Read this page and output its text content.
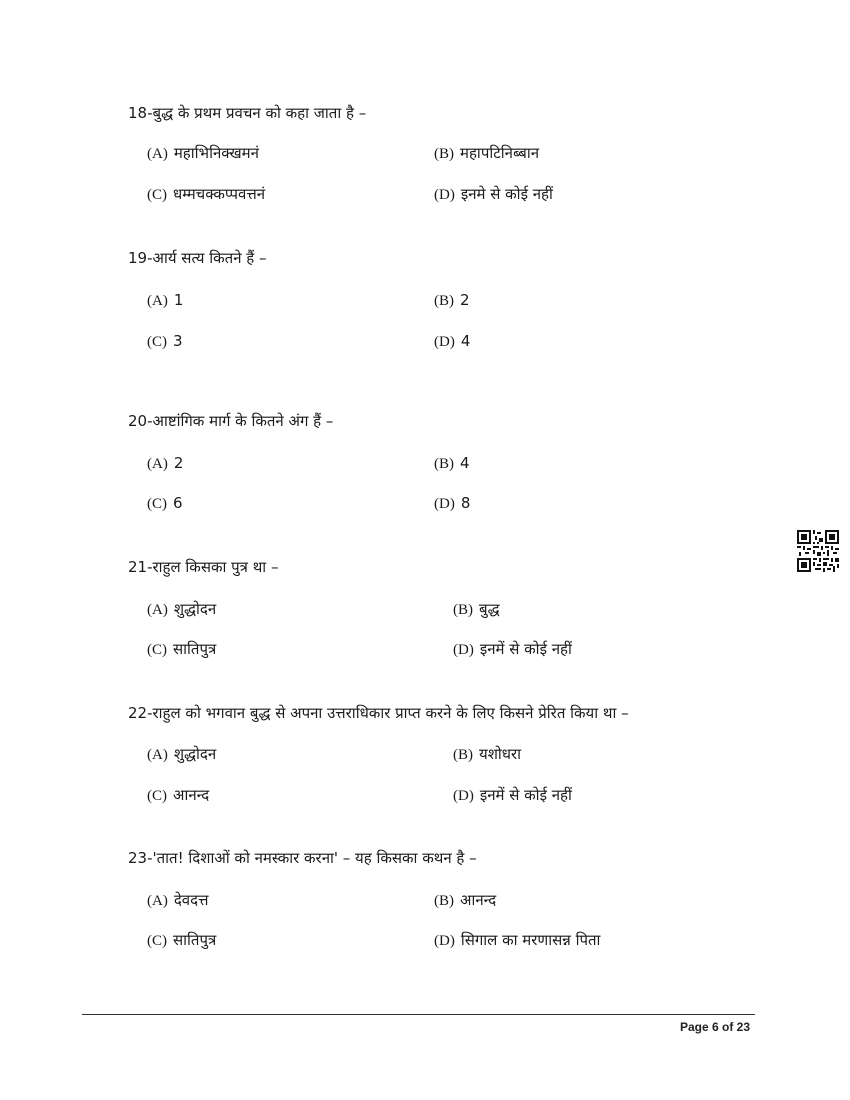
18-बुद्ध के प्रथम प्रवचन को कहा जाता है –
(A) महाभिनिक्खमनं	(B) महापटिनिब्बान
(C) धम्मचक्कप्पवत्तनं	(D) इनमे से कोई नहीं
19-आर्य सत्य कितने हैं –
(A) 1	(B) 2
(C) 3	(D) 4
20-आष्टांगिक मार्ग के कितने अंग हैं –
(A) 2	(B) 4
(C) 6	(D) 8
21-राहुल किसका पुत्र था –
(A) शुद्धोदन	(B) बुद्ध
(C) सातिपुत्र	(D) इनमें से कोई नहीं
22-राहुल को भगवान बुद्ध से अपना उत्तराधिकार प्राप्त करने के लिए किसने प्रेरित किया था –
(A) शुद्धोदन	(B) यशोधरा
(C) आनन्द	(D) इनमें से कोई नहीं
23-'तात! दिशाओं को नमस्कार करना' – यह किसका कथन है –
(A) देवदत्त	(B) आनन्द
(C) सातिपुत्र	(D) सिगाल का मरणासन्न पिता
Page 6 of 23
